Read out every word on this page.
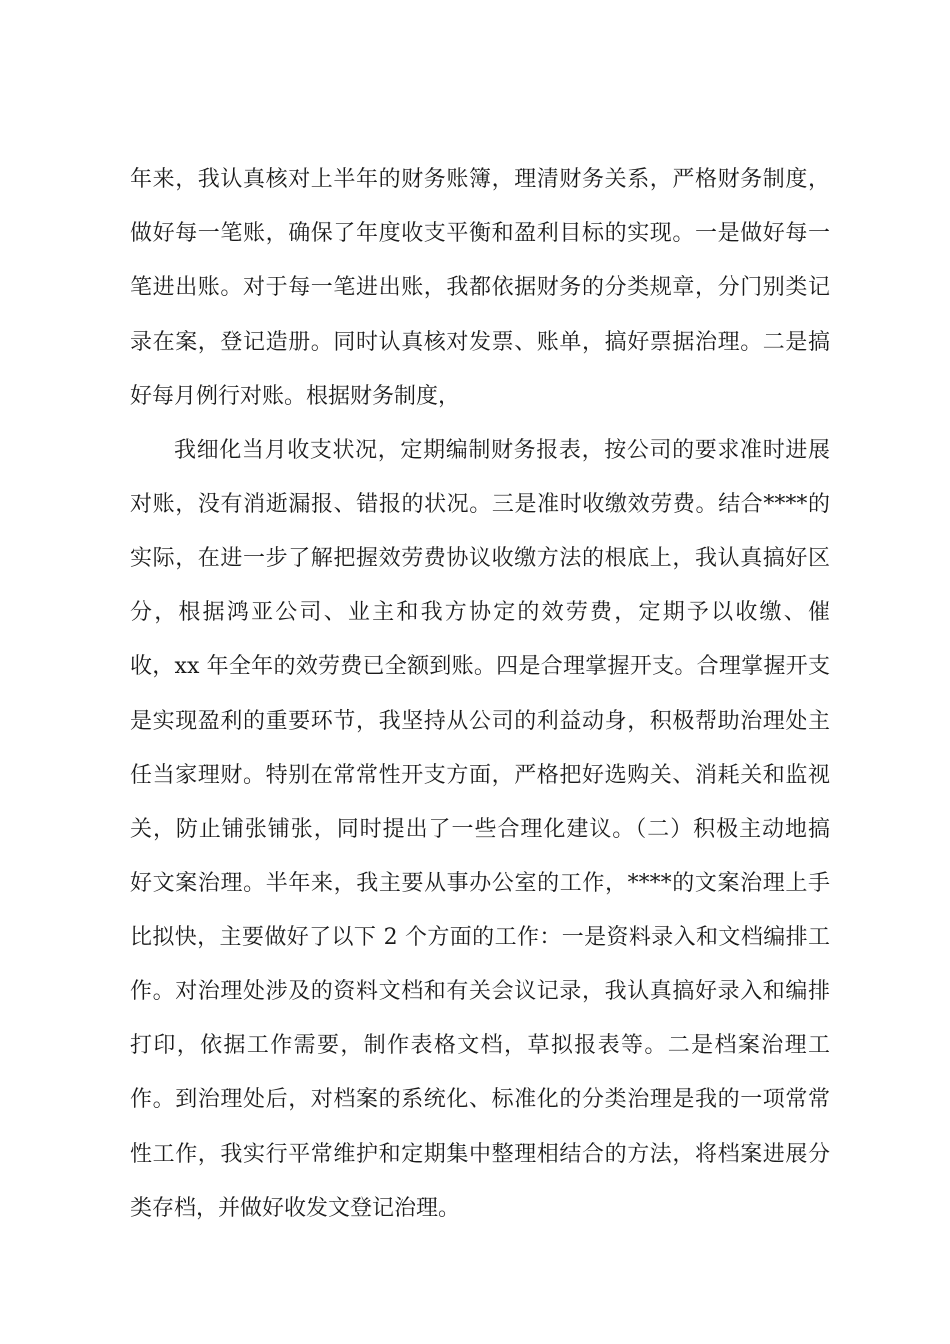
年来，我认真核对上半年的财务账簿，理清财务关系，严格财务制度，
做好每一笔账，确保了年度收支平衡和盈利目标的实现。一是做好每一
笔进出账。对于每一笔进出账，我都依据财务的分类规章，分门别类记
录在案，登记造册。同时认真核对发票、账单，搞好票据治理。二是搞
好每月例行对账。根据财务制度，
我细化当月收支状况，定期编制财务报表，按公司的要求准时进展
对账，没有消逝漏报、错报的状况。三是准时收缴效劳费。结合****的
实际，在进一步了解把握效劳费协议收缴方法的根底上，我认真搞好区
分，根据鸿亚公司、业主和我方协定的效劳费，定期予以收缴、催
收，xx 年全年的效劳费已全额到账。四是合理掌握开支。合理掌握开支
是实现盈利的重要环节，我坚持从公司的利益动身，积极帮助治理处主
任当家理财。特别在常常性开支方面，严格把好选购关、消耗关和监视
关，防止铺张铺张，同时提出了一些合理化建议。（二）积极主动地搞
好文案治理。半年来，我主要从事办公室的工作，****的文案治理上手
比拟快，主要做好了以下 2 个方面的工作：一是资料录入和文档编排工
作。对治理处涉及的资料文档和有关会议记录，我认真搞好录入和编排
打印，依据工作需要，制作表格文档，草拟报表等。二是档案治理工
作。到治理处后，对档案的系统化、标准化的分类治理是我的一项常常
性工作，我实行平常维护和定期集中整理相结合的方法，将档案进展分
类存档，并做好收发文登记治理。
